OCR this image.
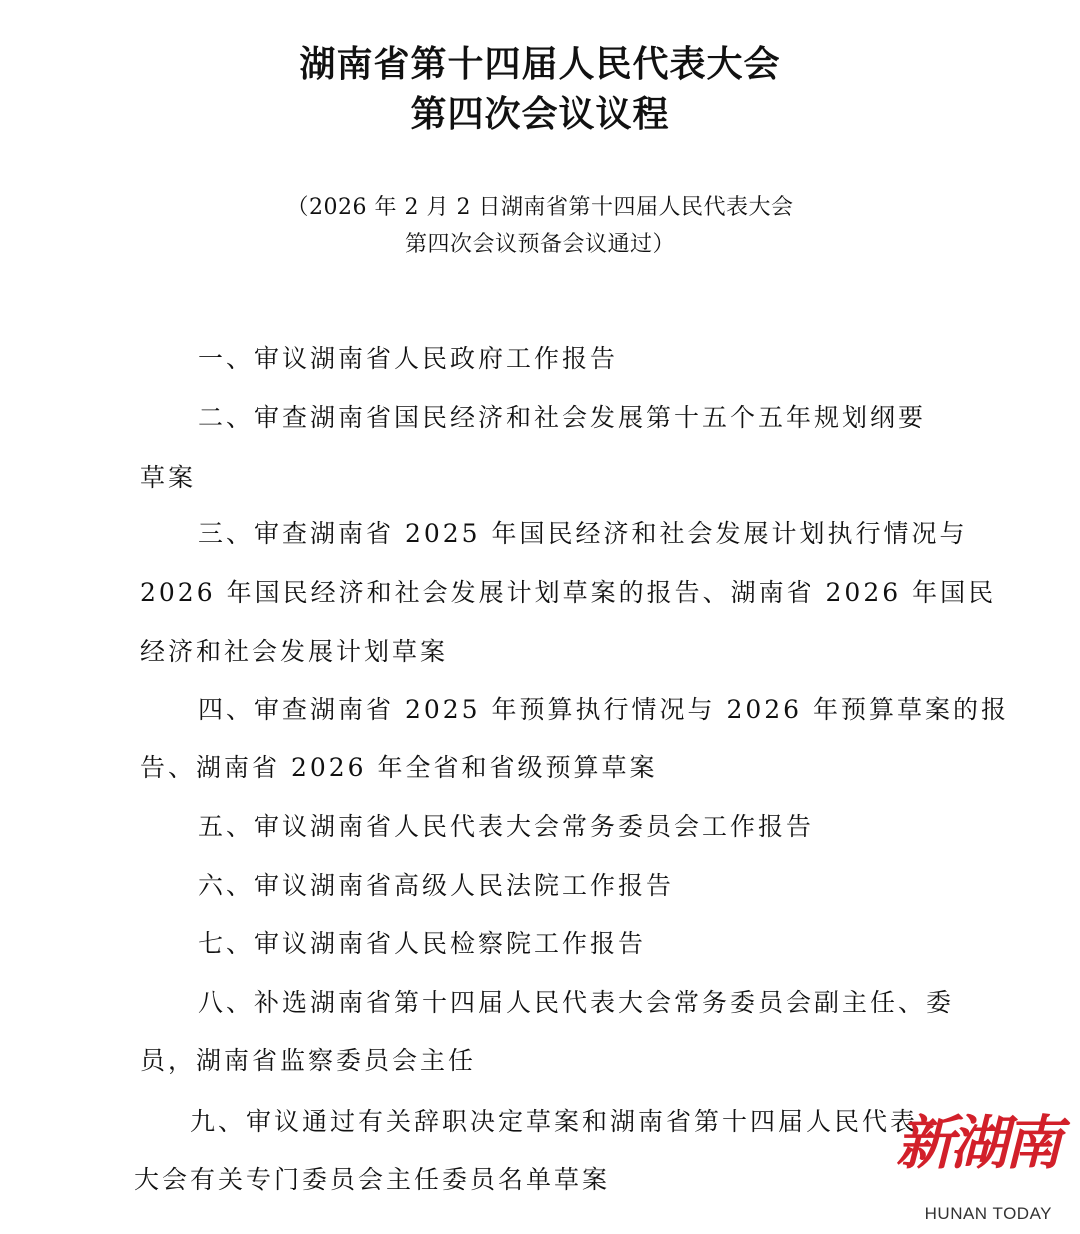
湖南省第十四届人民代表大会
第四次会议议程
（2026 年 2 月 2 日湖南省第十四届人民代表大会
第四次会议预备会议通过）
一、审议湖南省人民政府工作报告
二、审查湖南省国民经济和社会发展第十五个五年规划纲要
草案
三、审查湖南省 2025 年国民经济和社会发展计划执行情况与
2026 年国民经济和社会发展计划草案的报告、湖南省 2026 年国民
经济和社会发展计划草案
四、审查湖南省 2025 年预算执行情况与 2026 年预算草案的报
告、湖南省 2026 年全省和省级预算草案
五、审议湖南省人民代表大会常务委员会工作报告
六、审议湖南省高级人民法院工作报告
七、审议湖南省人民检察院工作报告
八、补选湖南省第十四届人民代表大会常务委员会副主任、委
员，湖南省监察委员会主任
九、审议通过有关辞职决定草案和湖南省第十四届人民代表
大会有关专门委员会主任委员名单草案
新湖南
HUNAN TODAY
